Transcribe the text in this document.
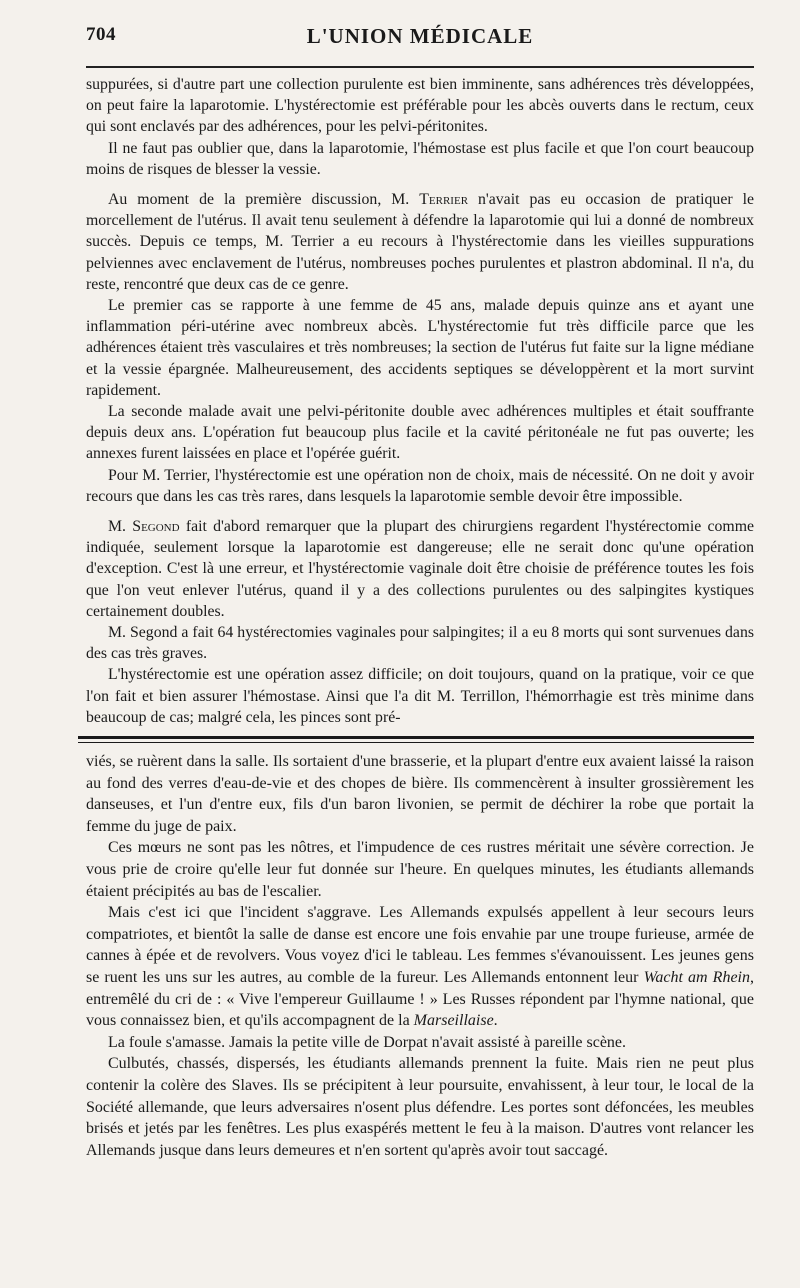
704	L'UNION MÉDICALE

suppurées, si d'autre part une collection purulente est bien imminente, sans adhérences très développées, on peut faire la laparotomie. L'hystérectomie est préférable pour les abcès ouverts dans le rectum, ceux qui sont enclavés par des adhérences, pour les pelvi-péritonites.

Il ne faut pas oublier que, dans la laparotomie, l'hémostase est plus facile et que l'on court beaucoup moins de risques de blesser la vessie.

Au moment de la première discussion, M. Terrier n'avait pas eu occasion de pratiquer le morcellement de l'utérus. Il avait tenu seulement à défendre la laparotomie qui lui a donné de nombreux succès. Depuis ce temps, M. Terrier a eu recours à l'hystérectomie dans les vieilles suppurations pelviennes avec enclavement de l'utérus, nombreuses poches purulentes et plastron abdominal. Il n'a, du reste, rencontré que deux cas de ce genre.

Le premier cas se rapporte à une femme de 45 ans, malade depuis quinze ans et ayant une inflammation péri-utérine avec nombreux abcès. L'hystérectomie fut très difficile parce que les adhérences étaient très vasculaires et très nombreuses; la section de l'utérus fut faite sur la ligne médiane et la vessie épargnée. Malheureusement, des accidents septiques se développèrent et la mort survint rapidement.

La seconde malade avait une pelvi-péritonite double avec adhérences multiples et était souffrante depuis deux ans. L'opération fut beaucoup plus facile et la cavité péritonéale ne fut pas ouverte; les annexes furent laissées en place et l'opérée guérit.

Pour M. Terrier, l'hystérectomie est une opération non de choix, mais de nécessité. On ne doit y avoir recours que dans les cas très rares, dans lesquels la laparotomie semble devoir être impossible.

M. Segond fait d'abord remarquer que la plupart des chirurgiens regardent l'hystérectomie comme indiquée, seulement lorsque la laparotomie est dangereuse; elle ne serait donc qu'une opération d'exception. C'est là une erreur, et l'hystérectomie vaginale doit être choisie de préférence toutes les fois que l'on veut enlever l'utérus, quand il y a des collections purulentes ou des salpingites kystiques certainement doubles.

M. Segond a fait 64 hystérectomies vaginales pour salpingites; il a eu 8 morts qui sont survenues dans des cas très graves.

L'hystérectomie est une opération assez difficile; on doit toujours, quand on la pratique, voir ce que l'on fait et bien assurer l'hémostase. Ainsi que l'a dit M. Terrillon, l'hémorrhagie est très minime dans beaucoup de cas; malgré cela, les pinces sont pré-

viés, se ruèrent dans la salle. Ils sortaient d'une brasserie, et la plupart d'entre eux avaient laissé la raison au fond des verres d'eau-de-vie et des chopes de bière. Ils commencèrent à insulter grossièrement les danseuses, et l'un d'entre eux, fils d'un baron livonien, se permit de déchirer la robe que portait la femme du juge de paix.

Ces mœurs ne sont pas les nôtres, et l'impudence de ces rustres méritait une sévère correction. Je vous prie de croire qu'elle leur fut donnée sur l'heure. En quelques minutes, les étudiants allemands étaient précipités au bas de l'escalier.

Mais c'est ici que l'incident s'aggrave. Les Allemands expulsés appellent à leur secours leurs compatriotes, et bientôt la salle de danse est encore une fois envahie par une troupe furieuse, armée de cannes à épée et de revolvers. Vous voyez d'ici le tableau. Les femmes s'évanouissent. Les jeunes gens se ruent les uns sur les autres, au comble de la fureur. Les Allemands entonnent leur Wacht am Rhein, entremêlé du cri de : « Vive l'empereur Guillaume ! » Les Russes répondent par l'hymne national, que vous connaissez bien, et qu'ils accompagnent de la Marseillaise.

La foule s'amasse. Jamais la petite ville de Dorpat n'avait assisté à pareille scène.

Culbutés, chassés, dispersés, les étudiants allemands prennent la fuite. Mais rien ne peut plus contenir la colère des Slaves. Ils se précipitent à leur poursuite, envahissent, à leur tour, le local de la Société allemande, que leurs adversaires n'osent plus défendre. Les portes sont défoncées, les meubles brisés et jetés par les fenêtres. Les plus exaspérés mettent le feu à la maison. D'autres vont relancer les Allemands jusque dans leurs demeures et n'en sortent qu'après avoir tout saccagé.
